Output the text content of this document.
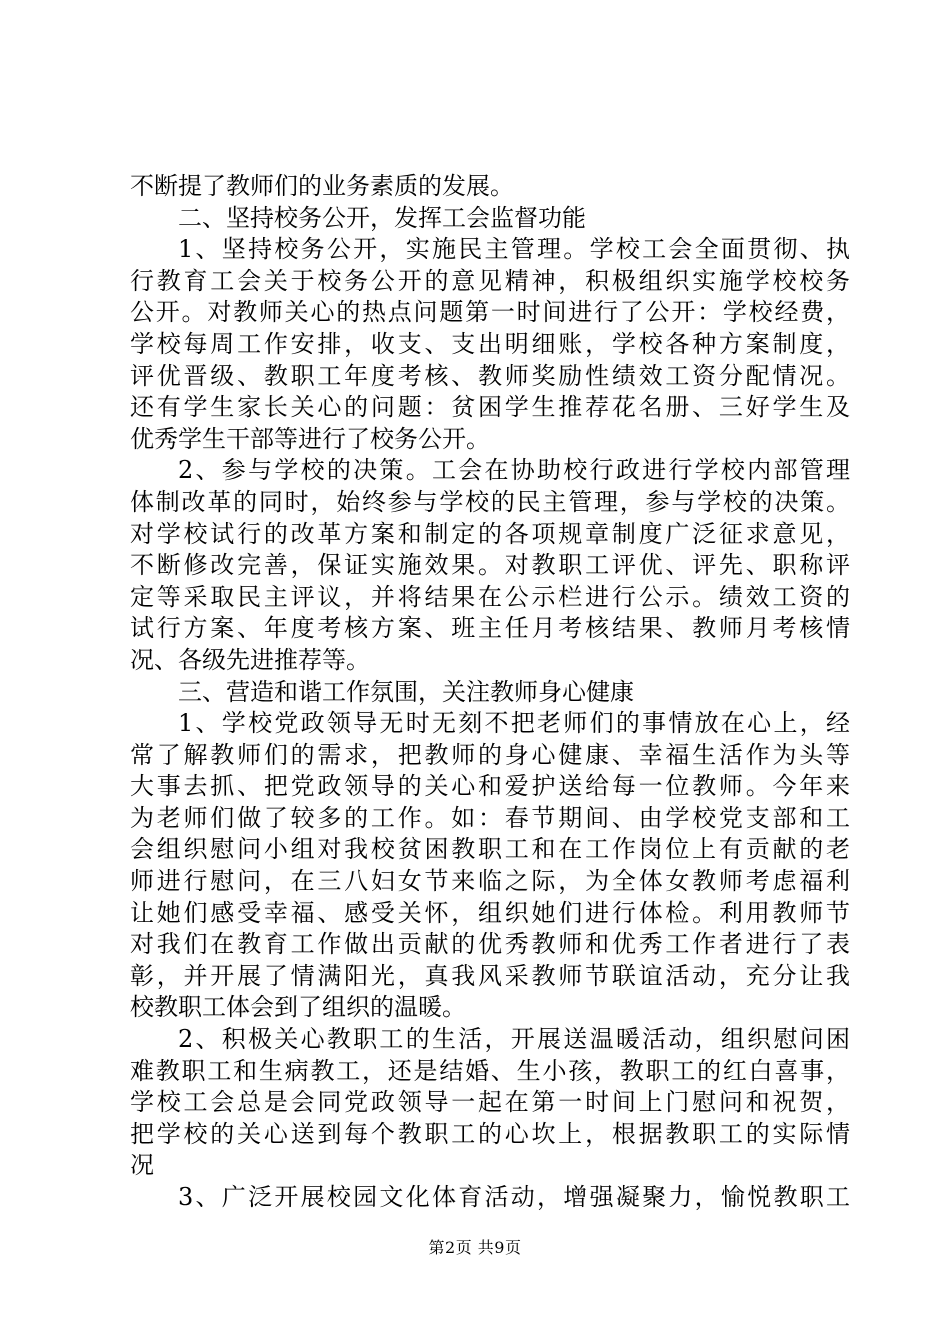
不断提了教师们的业务素质的发展。
二、坚持校务公开，发挥工会监督功能
1、坚持校务公开，实施民主管理。学校工会全面贯彻、执
行教育工会关于校务公开的意见精神，积极组织实施学校校务
公开。对教师关心的热点问题第一时间进行了公开：学校经费，
学校每周工作安排，收支、支出明细账，学校各种方案制度，
评优晋级、教职工年度考核、教师奖励性绩效工资分配情况。
还有学生家长关心的问题：贫困学生推荐花名册、三好学生及
优秀学生干部等进行了校务公开。
2、参与学校的决策。工会在协助校行政进行学校内部管理
体制改革的同时，始终参与学校的民主管理，参与学校的决策。
对学校试行的改革方案和制定的各项规章制度广泛征求意见，
不断修改完善，保证实施效果。对教职工评优、评先、职称评
定等采取民主评议，并将结果在公示栏进行公示。绩效工资的
试行方案、年度考核方案、班主任月考核结果、教师月考核情
况、各级先进推荐等。
三、营造和谐工作氛围，关注教师身心健康
1、学校党政领导无时无刻不把老师们的事情放在心上，经
常了解教师们的需求，把教师的身心健康、幸福生活作为头等
大事去抓、把党政领导的关心和爱护送给每一位教师。今年来
为老师们做了较多的工作。如：春节期间、由学校党支部和工
会组织慰问小组对我校贫困教职工和在工作岗位上有贡献的老
师进行慰问，在三八妇女节来临之际，为全体女教师考虑福利
让她们感受幸福、感受关怀，组织她们进行体检。利用教师节
对我们在教育工作做出贡献的优秀教师和优秀工作者进行了表
彰，并开展了情满阳光，真我风采教师节联谊活动，充分让我
校教职工体会到了组织的温暖。
2、积极关心教职工的生活，开展送温暖活动，组织慰问困
难教职工和生病教工，还是结婚、生小孩，教职工的红白喜事，
学校工会总是会同党政领导一起在第一时间上门慰问和祝贺，
把学校的关心送到每个教职工的心坎上，根据教职工的实际情
况
3、广泛开展校园文化体育活动，增强凝聚力，愉悦教职工
第2页 共9页
